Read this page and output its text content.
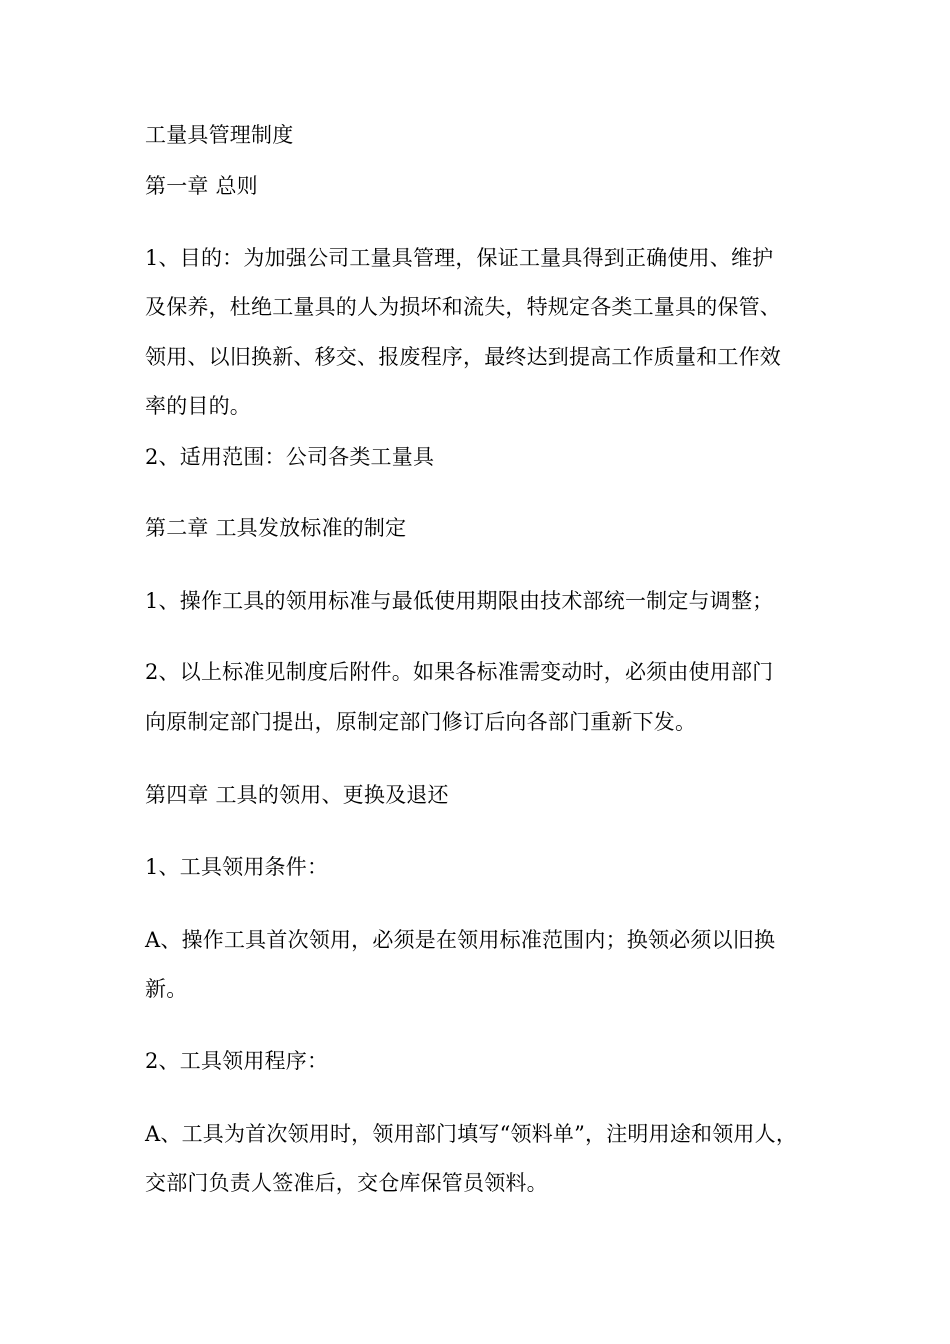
工量具管理制度
第一章 总则
1、目的：为加强公司工量具管理，保证工量具得到正确使用、维护
及保养，杜绝工量具的人为损坏和流失，特规定各类工量具的保管、
领用、以旧换新、移交、报废程序，最终达到提高工作质量和工作效
率的目的。
2、适用范围：公司各类工量具
第二章 工具发放标准的制定
1、操作工具的领用标准与最低使用期限由技术部统一制定与调整；
2、以上标准见制度后附件。如果各标准需变动时，必须由使用部门
向原制定部门提出，原制定部门修订后向各部门重新下发。
第四章 工具的领用、更换及退还
1、工具领用条件：
A、操作工具首次领用，必须是在领用标准范围内；换领必须以旧换
新。
2、工具领用程序：
A、工具为首次领用时，领用部门填写“领料单”，注明用途和领用人，
交部门负责人签准后，交仓库保管员领料。
